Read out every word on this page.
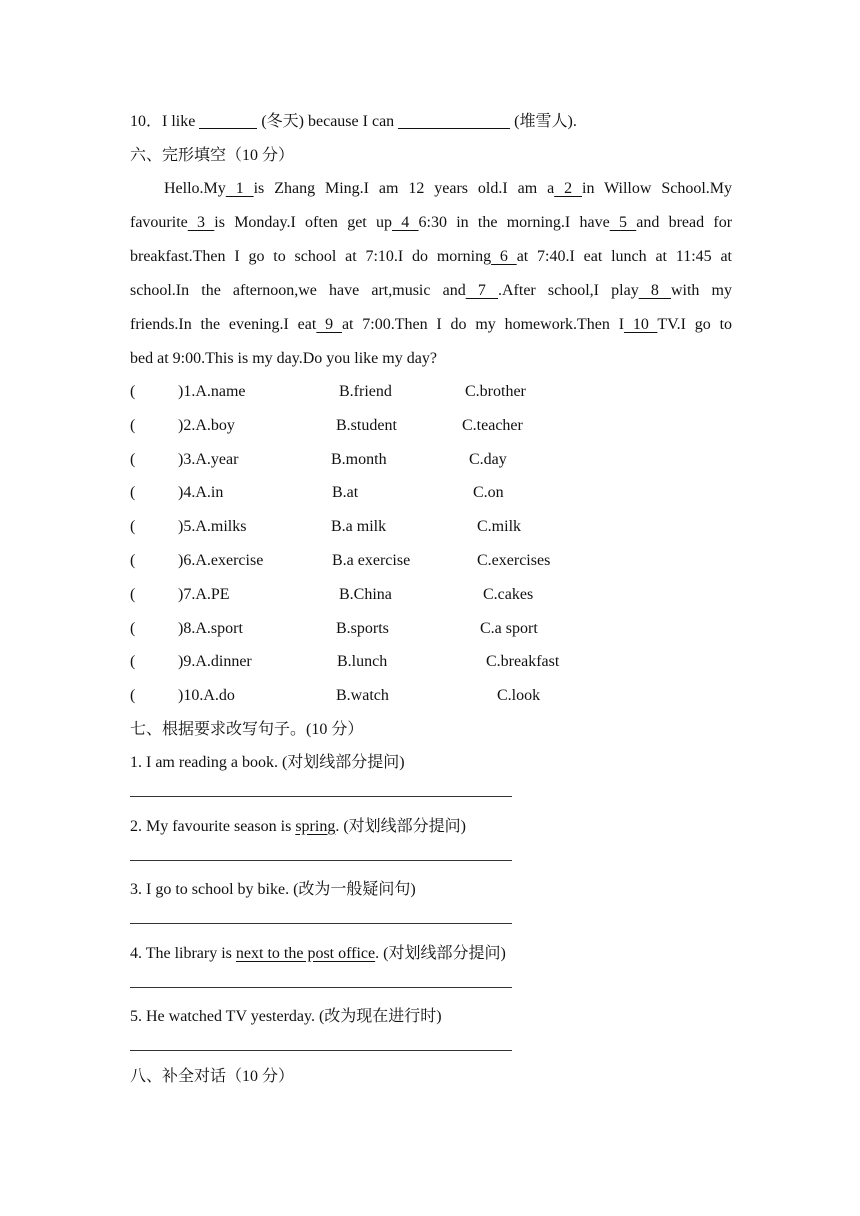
10．I like	(冬天) because I can	(堆雪人).
六、完形填空（10 分）
Hello.My 1 is Zhang Ming.I am 12 years old.I am a 2 in Willow School.My
favourite 3 is Monday.I often get up 4 6:30 in the morning.I have 5 and bread for
breakfast.Then I go to school at 7:10.I do morning 6 at 7:40.I eat lunch at 11:45 at
school.In the afternoon,we have art,music and 7 .After school,I play 8 with my
friends.In the evening.I eat 9 at 7:00.Then I do my homework.Then I 10 TV.I go to
bed at 9:00.This is my day.Do you like my day?
(	)1.A.name	B.friend	C.brother
(	)2.A.boy	B.student	C.teacher
(	)3.A.year	B.month	C.day
(	)4.A.in	B.at	C.on
(	)5.A.milks	B.a milk	C.milk
(	)6.A.exercise	B.a exercise	C.exercises
(	)7.A.PE	B.China	C.cakes
(	)8.A.sport	B.sports	C.a sport
(	)9.A.dinner	B.lunch	C.breakfast
(	)10.A.do	B.watch	C.look
七、根据要求改写句子。(10 分）
1. I am reading a book. (对划线部分提问)
2. My favourite season is spring. (对划线部分提问)
3. I go to school by bike. (改为一般疑问句)
4. The library is next to the post office. (对划线部分提问)
5. He watched TV yesterday. (改为现在进行时)
八、补全对话（10 分）
